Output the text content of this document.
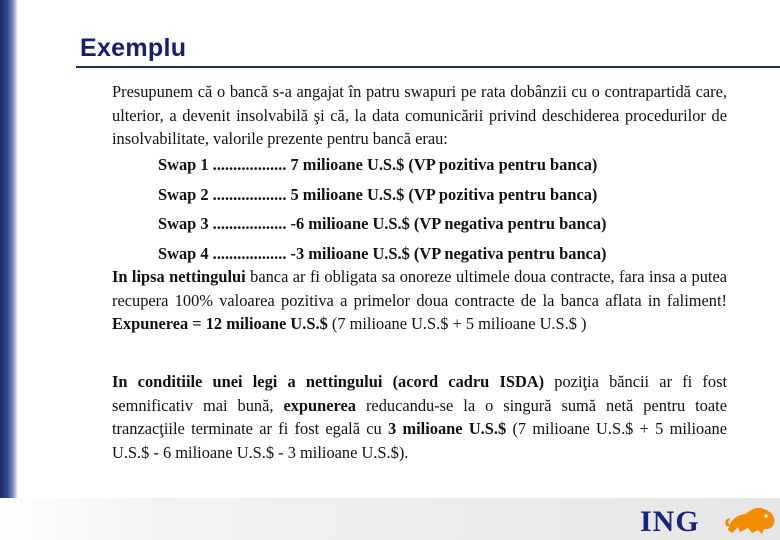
Exemplu

Presupunem că o bancă s-a angajat în patru swapuri pe rata dobânzii cu o contrapartidă care, ulterior, a devenit insolvabilă şi că, la data comunicării privind deschiderea procedurilor de insolvabilitate, valorile prezente pentru bancă erau:

Swap 1 .................. 7 milioane U.S.$ (VP pozitiva pentru banca)
Swap 2 .................. 5 milioane U.S.$ (VP pozitiva pentru banca)
Swap 3 .................. -6 milioane U.S.$ (VP negativa pentru banca)
Swap 4 .................. -3 milioane U.S.$ (VP negativa pentru banca)

In lipsa nettingului banca ar fi obligata sa onoreze ultimele doua contracte, fara insa a putea recupera 100% valoarea pozitiva a primelor doua contracte de la banca aflata in faliment! Expunerea = 12 milioane U.S.$ (7 milioane U.S.$ + 5 milioane U.S.$ )

In conditiile unei legi a nettingului (acord cadru ISDA) poziţia băncii ar fi fost semnificativ mai bună, expunerea reducandu-se la o singură sumă netă pentru toate tranzacţiile terminate ar fi fost egală cu 3 milioane U.S.$ (7 milioane U.S.$ + 5 milioane U.S.$ - 6 milioane U.S.$ - 3 milioane U.S.$).

ING
